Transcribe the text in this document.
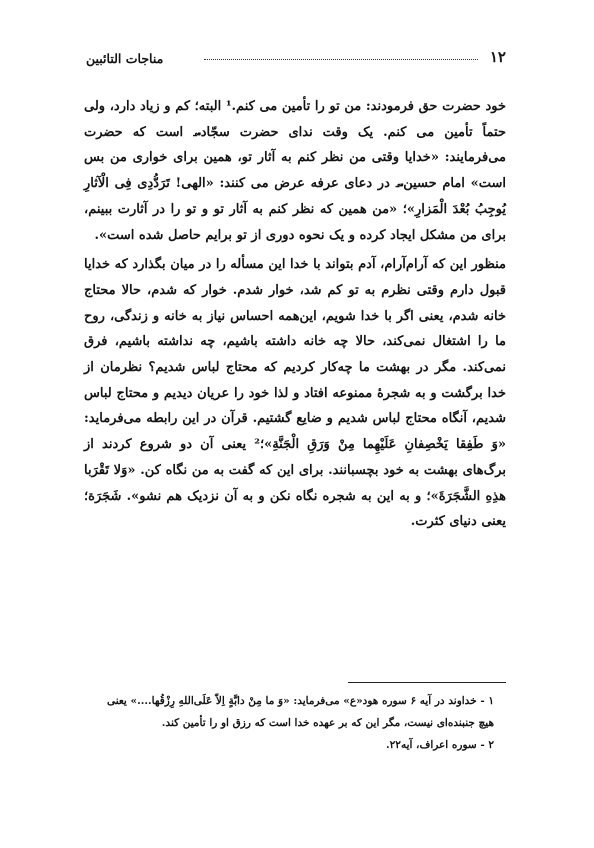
۱۲
مناجات التائبین

خود حضرت حق فرمودند: من تو را تأمین می کنم.¹ البته؛ کم و زیاد دارد، ولی حتماً تأمین می کنم. یک وقت ندای حضرت سجّاد؄ است که حضرت می‌فرمایند: «خدایا وقتی من نظر کنم به آثار تو، همین برای خواری من بس است» امام حسین؄ در دعای عرفه عرض می کنند: «الهی! تَرَدُّدِی فِی الْآثارِ یُوجِبُ بُعْدَ الْمَزارِ»؛ «من همین که نظر کنم به آثار تو و تو را در آثارت ببینم، برای من مشکل ایجاد کرده و یک نحوه دوری از تو برایم حاصل شده است».

منظور این که آرام‌آرام، آدم بتواند با خدا این مسأله را در میان بگذارد که خدایا قبول دارم وقتی نظرم به تو کم شد، خوار شدم. خوار که شدم، حالا محتاج خانه شدم، یعنی اگر با خدا شویم، این‌همه احساس نیاز به خانه و زندگی، روح ما را اشتغال نمی‌کند، حالا چه خانه داشته باشیم، چه نداشته باشیم، فرق نمی‌کند. مگر در بهشت ما چه‌کار کردیم که محتاج لباس شدیم؟ نظرمان از خدا برگشت و به شجرهٔ ممنوعه افتاد و لذا خود را عریان دیدیم و محتاج لباس شدیم، آنگاه محتاج لباس شدیم و ضایع گشتیم. قرآن در این رابطه می‌فرماید: «وَ طَفِقا یَخْصِفانِ عَلَیْهِما مِنْ وَرَقِ الْجَنَّةِ»؛² یعنی آن دو شروع کردند از برگ‌های بهشت به خود بچسبانند. برای این که گفت به من نگاه کن. «وَلا تَقْرَبا هذِهِ الشَّجَرَةَ»؛ و به این به شجره نگاه نکن و به آن نزدیک هم نشو». شَجَرَة؛ یعنی دنیای کثرت.

۱ - خداوند در آیه ۶ سوره هود«ع» می‌فرماید: «وَ ما مِنْ دابَّةٍ اِلاّ عَلَی‌اللهِ رِزْقُها....» یعنی هیچ جنبنده‌ای نیست، مگر این که بر عهده خدا است که رزق او را تأمین کند.

۲ - سوره اعراف، آیه۲۲.
